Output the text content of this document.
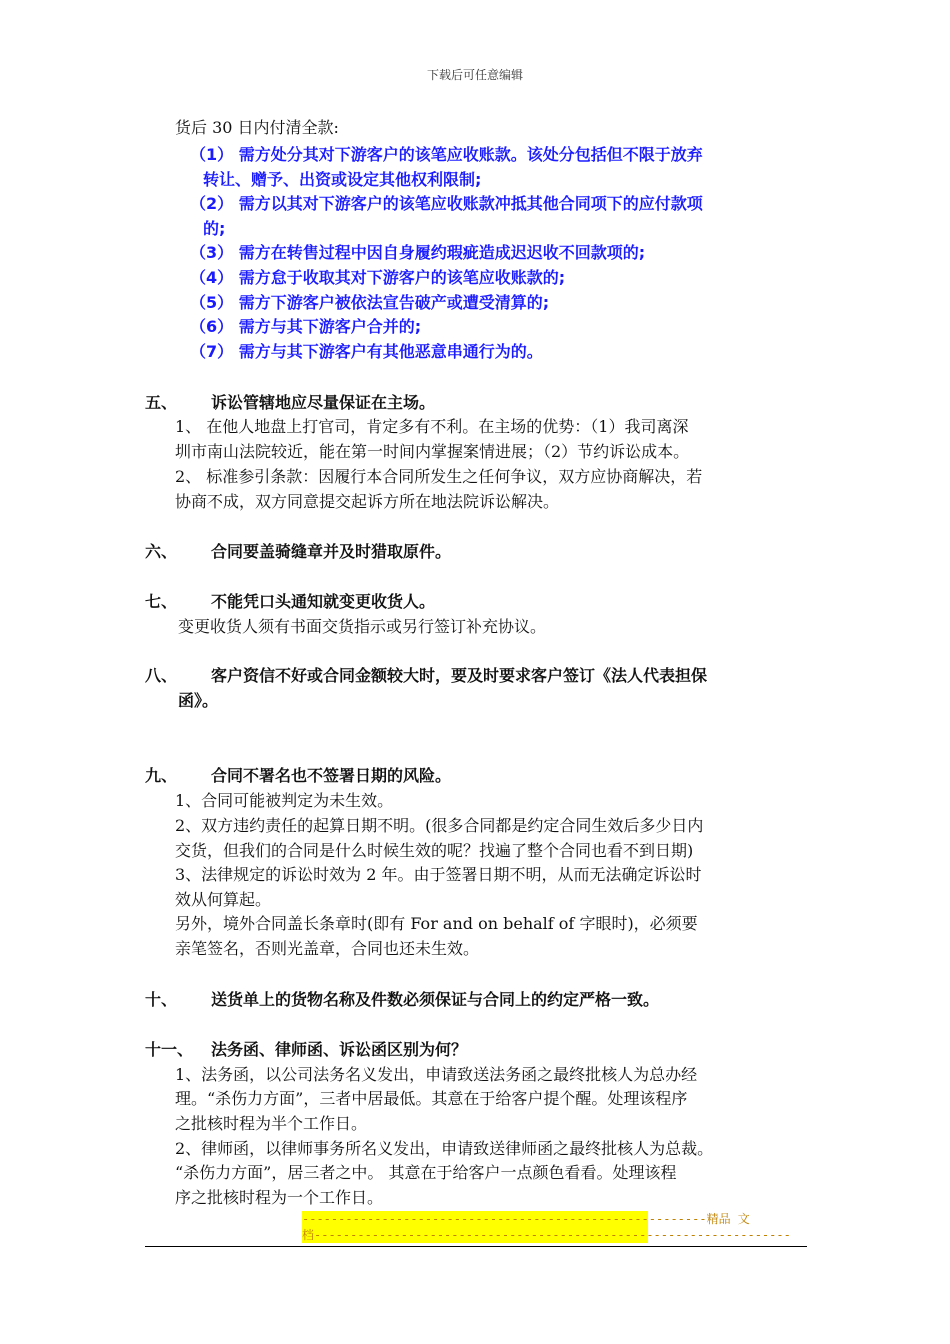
下载后可任意编辑
货后 30 日内付清全款:
（1） 需方处分其对下游客户的该笔应收账款。该处分包括但不限于放弃
转让、赠予、出资或设定其他权利限制;
（2） 需方以其对下游客户的该笔应收账款冲抵其他合同项下的应付款项
的;
（3） 需方在转售过程中因自身履约瑕疵造成迟迟收不回款项的;
（4） 需方怠于收取其对下游客户的该笔应收账款的;
（5） 需方下游客户被依法宣告破产或遭受清算的;
（6） 需方与其下游客户合并的;
（7） 需方与其下游客户有其他恶意串通行为的。
五、 诉讼管辖地应尽量保证在主场。
1、 在他人地盘上打官司，肯定多有不利。在主场的优势：（1）我司离深
圳市南山法院较近，能在第一时间内掌握案情进展；（2）节约诉讼成本。
2、 标准参引条款：因履行本合同所发生之任何争议，双方应协商解决，若
协商不成，双方同意提交起诉方所在地法院诉讼解决。
六、 合同要盖骑缝章并及时猎取原件。
七、 不能凭口头通知就变更收货人。
变更收货人须有书面交货指示或另行签订补充协议。
八、 客户资信不好或合同金额较大时，要及时要求客户签订《法人代表担保
函》。
九、 合同不署名也不签署日期的风险。
1、合同可能被判定为未生效。
2、双方违约责任的起算日期不明。(很多合同都是约定合同生效后多少日内
交货，但我们的合同是什么时候生效的呢？找遍了整个合同也看不到日期)
3、法律规定的诉讼时效为 2 年。由于签署日期不明，从而无法确定诉讼时
效从何算起。
另外，境外合同盖长条章时(即有 For and on behalf of 字眼时)，必须要
亲笔签名，否则光盖章，合同也还未生效。
十、 送货单上的货物名称及件数必须保证与合同上的约定严格一致。
十一、 法务函、律师函、诉讼函区别为何？
1、法务函，以公司法务名义发出，申请致送法务函之最终批核人为总办经
理。“杀伤力方面”，三者中居最低。其意在于给客户提个醒。处理该程序
之批核时程为半个工作日。
2、律师函，以律师事务所名义发出，申请致送律师函之最终批核人为总裁。
“杀伤力方面”，居三者之中。 其意在于给客户一点颜色看看。处理该程
序之批核时程为一个工作日。
--------------------------------------------------------精品 文
档------------------------------------------------------------------
